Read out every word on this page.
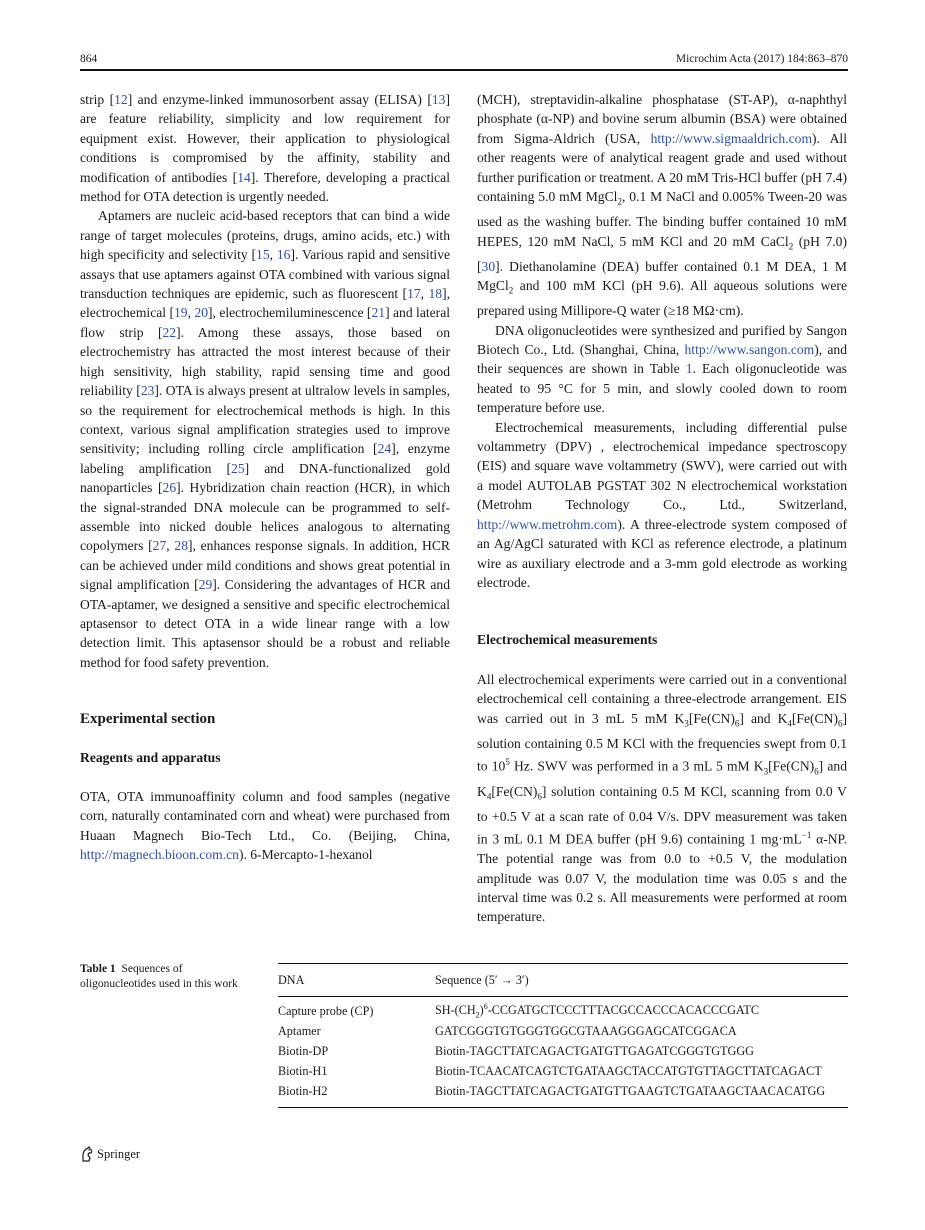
864	Microchim Acta (2017) 184:863–870

strip [12] and enzyme-linked immunosorbent assay (ELISA) [13] are feature reliability, simplicity and low requirement for equipment exist. However, their application to physiological conditions is compromised by the affinity, stability and modification of antibodies [14]. Therefore, developing a practical method for OTA detection is urgently needed.

Aptamers are nucleic acid-based receptors that can bind a wide range of target molecules (proteins, drugs, amino acids, etc.) with high specificity and selectivity [15, 16]. Various rapid and sensitive assays that use aptamers against OTA combined with various signal transduction techniques are epidemic, such as fluorescent [17, 18], electrochemical [19, 20], electrochemiluminescence [21] and lateral flow strip [22]. Among these assays, those based on electrochemistry has attracted the most interest because of their high sensitivity, high stability, rapid sensing time and good reliability [23]. OTA is always present at ultralow levels in samples, so the requirement for electrochemical methods is high. In this context, various signal amplification strategies used to improve sensitivity; including rolling circle amplification [24], enzyme labeling amplification [25] and DNA-functionalized gold nanoparticles [26]. Hybridization chain reaction (HCR), in which the signal-stranded DNA molecule can be programmed to self-assemble into nicked double helices analogous to alternating copolymers [27, 28], enhances response signals. In addition, HCR can be achieved under mild conditions and shows great potential in signal amplification [29]. Considering the advantages of HCR and OTA-aptamer, we designed a sensitive and specific electrochemical aptasensor to detect OTA in a wide linear range with a low detection limit. This aptasensor should be a robust and reliable method for food safety prevention.

Experimental section

Reagents and apparatus

OTA, OTA immunoaffinity column and food samples (negative corn, naturally contaminated corn and wheat) were purchased from Huaan Magnech Bio-Tech Ltd., Co. (Beijing, China, http://magnech.bioon.com.cn). 6-Mercapto-1-hexanol

(MCH), streptavidin-alkaline phosphatase (ST-AP), α-naphthyl phosphate (α-NP) and bovine serum albumin (BSA) were obtained from Sigma-Aldrich (USA, http://www.sigmaaldrich.com). All other reagents were of analytical reagent grade and used without further purification or treatment. A 20 mM Tris-HCl buffer (pH 7.4) containing 5.0 mM MgCl$_2$, 0.1 M NaCl and 0.005% Tween-20 was used as the washing buffer. The binding buffer contained 10 mM HEPES, 120 mM NaCl, 5 mM KCl and 20 mM CaCl$_2$ (pH 7.0) [30]. Diethanolamine (DEA) buffer contained 0.1 M DEA, 1 M MgCl$_2$ and 100 mM KCl (pH 9.6). All aqueous solutions were prepared using Millipore-Q water (≥18 MΩ·cm).

DNA oligonucleotides were synthesized and purified by Sangon Biotech Co., Ltd. (Shanghai, China, http://www.sangon.com), and their sequences are shown in Table 1. Each oligonucleotide was heated to 95 °C for 5 min, and slowly cooled down to room temperature before use.

Electrochemical measurements, including differential pulse voltammetry (DPV) , electrochemical impedance spectroscopy (EIS) and square wave voltammetry (SWV), were carried out with a model AUTOLAB PGSTAT 302 N electrochemical workstation (Metrohm Technology Co., Ltd., Switzerland, http://www.metrohm.com). A three-electrode system composed of an Ag/AgCl saturated with KCl as reference electrode, a platinum wire as auxiliary electrode and a 3-mm gold electrode as working electrode.

Electrochemical measurements

All electrochemical experiments were carried out in a conventional electrochemical cell containing a three-electrode arrangement. EIS was carried out in 3 mL 5 mM $K_3[Fe(CN)_6]$ and $K_4[Fe(CN)_6]$ solution containing 0.5 M KCl with the frequencies swept from 0.1 to $10^5$ Hz. SWV was performed in a 3 mL 5 mM $K_3[Fe(CN)_6]$ and $K_4[Fe(CN)_6]$ solution containing 0.5 M KCl, scanning from 0.0 V to +0.5 V at a scan rate of 0.04 V/s. DPV measurement was taken in 3 mL 0.1 M DEA buffer (pH 9.6) containing 1 $mg\cdot mL^{-1}$ α-NP. The potential range was from 0.0 to +0.5 V, the modulation amplitude was 0.07 V, the modulation time was 0.05 s and the interval time was 0.2 s. All measurements were performed at room temperature.

Table 1 Sequences of oligonucleotides used in this work	DNA	Sequence (5′ → 3′)
Capture probe (CP)	$SH-(CH_2)^6$-CCGATGCTCCCTTTACGCCACCCACACCCGATC
Aptamer	GATCGGGTGTGGGTGGCGTAAAGGGAGCATCGGACA
Biotin-DP	Biotin-TAGCTTATCAGACTGATGTTGAGATCGGGTGTGGG
Biotin-H1	Biotin-TCAACATCAGTCTGATAAGCTACCATGTGTTAGCTTATCAGACT
Biotin-H2	Biotin-TAGCTTATCAGACTGATGTTGAAGTCTGATAAGCTAACACATGG
Springer
